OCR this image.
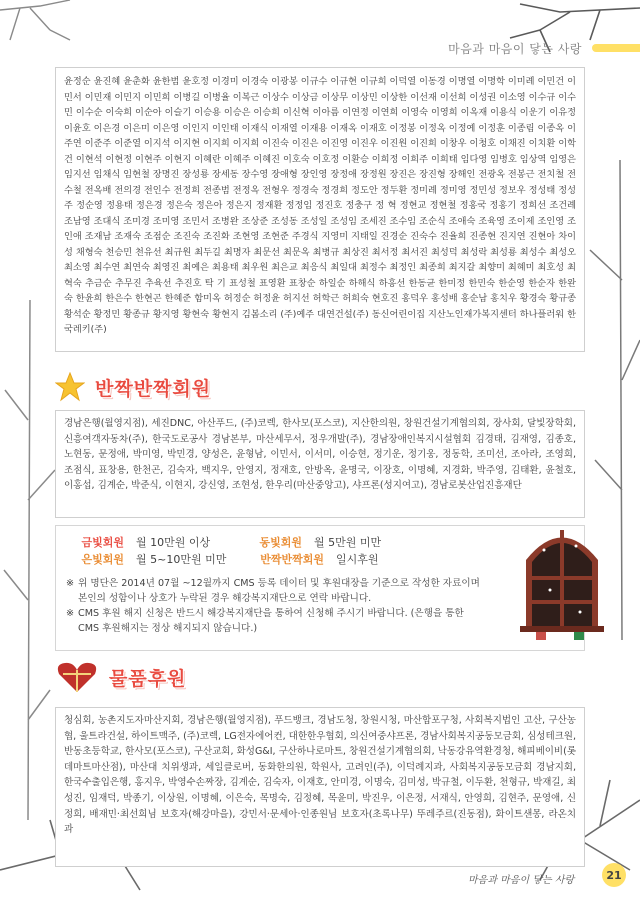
마음과 마음이 닿는 사랑

윤정순 윤진혜 윤춘화 윤한범 윤호정 이경미 이경숙 이광봉 이규수 이규현 이규희 이덕열 이동경 이명열 이명학 이미례 이민건 이민서 이민재 이민지 이민희 이병길 이병율 이복근 이상수 이상금 이상무 이상민 이상한 이선재 이선희 이성권 이소영 이수규 이수민 이수순 이숙희 이순아 이슬기 이승용 이승은 이승희 이신혁 이아름 이연정 이연희 이영숙 이영희 이옥재 이용식 이운기 이유정 이윤호 이은경 이은미 이은영 이인지 이인태 이재식 이재열 이재용 이재옥 이재호 이정봉 이정옥 이정예 이정훈 이종림 이종옥 이주연 이준주 이준열 이지석 이지현 이지희 이지희 이진숙 이진은 이진영 이진우 이진원 이진희 이창우 이청호 이채진 이치환 이학건 이현석 이현정 이현주 이현지 이혜란 이혜주 이혜진 이호숙 이호정 이환승 이희정 이희주 이희태 임다영 임병호 임상역 임영은 임지선 임채식 임현철 장명진 장성룡 장세동 장수영 장애형 장인영 장정애 장정원 장진은 장진형 장해인 전광옥 전봉근 전치철 전수철 전옥배 전의경 전인수 전정희 전종범 전정옥 전형우 정경숙 정경희 정도안 정두환 정미례 정미영 정민성 정보우 정성태 정성주 정순영 정용태 정은경 정은숙 정은아 정은지 정재환 정정임 정진호 정충구 정 혁 정현교 정현철 정홍국 정홍기 정희선 조건례 조남영 조대식 조미경 조미영 조민서 조병완 조상준 조성동 조성일 조성임 조세진 조수임 조순식 조애숙 조육영 조이제 조인영 조인애 조재남 조재숙 조점순 조진숙 조진화 조현영 조현준 주경식 지영미 지태일 진경순 진숙수 진율희 진종현 진지연 진현아 차이성 채형숙 천승민 천유선 최규원 최두길 최명자 최문선 최문옥 최병규 최상진 최서정 최서진 최성덕 최성락 최성룡 최성수 최성오 최소영 최수연 최연숙 최영진 최예은 최용태 최우원 최은교 최응식 최일대 최정수 최정인 최종희 최지갈 최향미 최혜미 최호성 최혁숙 추금순 추무진 추육선 추진호 탁 기 표성철 표영환 표창순 하일순 하해식 하흥선 한동균 한미정 한민숙 한순영 한순자 한완숙 한윤희 한은수 한현곤 한혜준 함미옥 허정순 허정윤 허지선 허학근 허희숙 현호진 홍덕우 홍성배 홍순남 홍치우 황경숙 황규종 황석순 황정민 황종규 황지영 황현숙 황현지 김봄소리 (주)예주 대연건설(주) 동신어린이집 지산노인재가복지센터 하나플러워 한국레키(주)

반짝반짝회원

경남은행(월영지점), 세진DNC, 아산푸드, (주)코렉, 한사모(포스코), 지산한의원, 창원건설기계협의회, 장사회, 달빛장학회, 신흥여객자동차(주), 한국도로공사 경남본부, 마산세무서, 정우개발(주), 경남장애인복지시설협회 김경태, 김재영, 김종호, 노현동, 문정애, 박미영, 박민경, 양성은, 윤형남, 이민서, 이서미, 이승현, 정기운, 정기웅, 정동학, 조미선, 조아라, 조영희, 조점식, 표창용, 한천곤, 김숙자, 백지우, 안영지, 정재호, 안방옥, 윤명국, 이장호, 이명혜, 지경화, 박주영, 김태환, 윤철호, 이홍섭, 김계순, 박준식, 이현지, 강신영, 조현성, 한우리(마산중앙고), 샤프론(성지여고), 경남로봇산업진흥재단

금빛회원 월 10만원 이상	동빛회원 월 5만원 미만
은빛회원 월 5~10만원 미만	반짝반짝회원 일시후원
※ 위 명단은 2014년 07월 ~12월까지 CMS 등록 데이터 및 후원대장을 기준으로 작성한 자료이며 본인의 성함이나 상호가 누락된 경우 해강복지재단으로 연락 바랍니다.
※ CMS 후원 해지 신청은 반드시 해강복지재단을 통하여 신청해 주시기 바랍니다. (은행을 통한 CMS 후원해지는 정상 해지되지 않습니다.)
물품후원

청심회, 농촌지도자마산지회, 경남은행(월영지점), 푸드뱅크, 경남도청, 창원시청, 마산합포구청, 사회복지법인 고산, 구산농협, 울트라건설, 하이트맥주, (주)코렉, LG전자에어컨, 대한한우협회, 의신여중샤프론, 경남사회복지공동모금회, 심성테크원, 반동초등학교, 한사모(포스코), 구산교회, 화성G&I, 구산하나로마트, 창원건설기계협의회, 낙동강유역환경청, 해피베이비(롯데마트마산점), 마산대 치위생과, 세일클로버, 동화한의원, 학원사, 고려인(주), 이덕례지과, 사회복지공동모금회 경남지회, 한국수출입은행, 홍지우, 박영수손짜장, 김계순, 김숙자, 이재호, 안미경, 이명숙, 김미성, 박규철, 이두환, 천형규, 박재길, 최성진, 임재덕, 박종기, 이상원, 이명혜, 이은숙, 목명숙, 김정혜, 목윤미, 박진우, 이은정, 서재식, 안영희, 김현주, 문영애, 신정희, 배재민·최선희님 보호자(해강마을), 강민서·문세아·인종원님 보호자(초록나무) 뚜레주르(진동점), 화이트샌몽, 라온치과

마음과 마음이 닿는 사랑	21
